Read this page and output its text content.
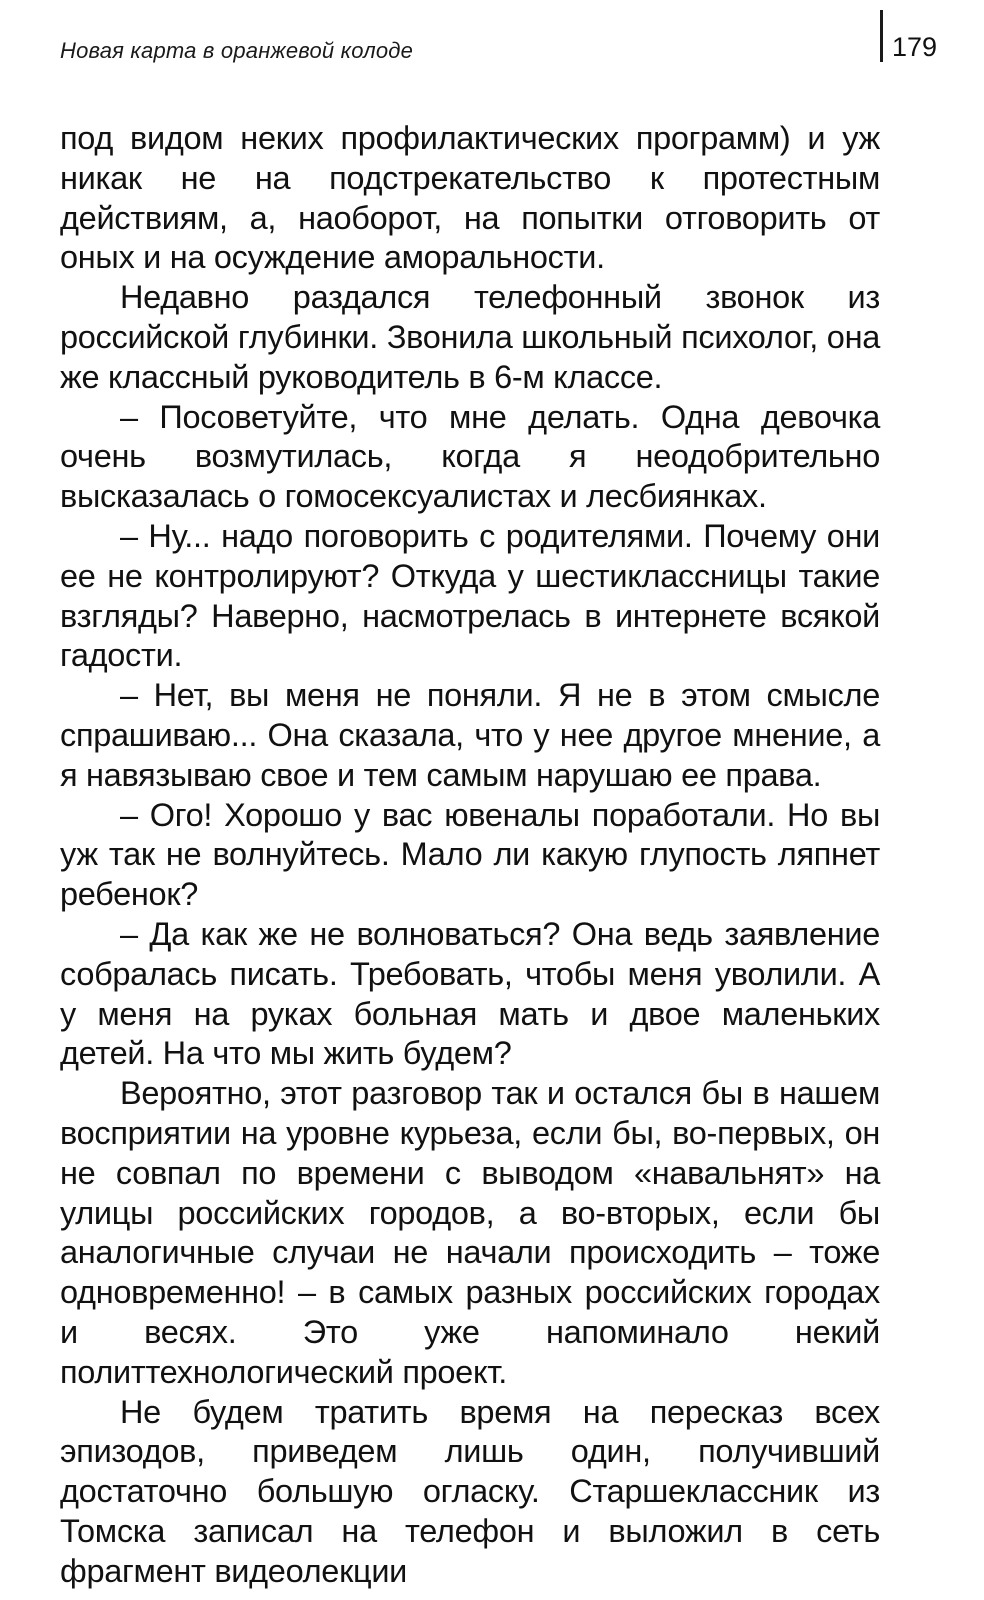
Новая карта в оранжевой колоде	179

под видом неких профилактических программ) и уж никак не на подстрекательство к протестным действиям, а, наоборот, на попытки отговорить от оных и на осуждение аморальности.

Недавно раздался телефонный звонок из российской глубинки. Звонила школьный психолог, она же классный руководитель в 6-м классе.

– Посоветуйте, что мне делать. Одна девочка очень возмутилась, когда я неодобрительно высказалась о гомосексуалистах и лесбиянках.

– Ну... надо поговорить с родителями. Почему они ее не контролируют? Откуда у шестиклассницы такие взгляды? Наверно, насмотрелась в интернете всякой гадости.

– Нет, вы меня не поняли. Я не в этом смысле спрашиваю... Она сказала, что у нее другое мнение, а я навязываю свое и тем самым нарушаю ее права.

– Ого! Хорошо у вас ювеналы поработали. Но вы уж так не волнуйтесь. Мало ли какую глупость ляпнет ребенок?

– Да как же не волноваться? Она ведь заявление собралась писать. Требовать, чтобы меня уволили. А у меня на руках больная мать и двое маленьких детей. На что мы жить будем?

Вероятно, этот разговор так и остался бы в нашем восприятии на уровне курьеза, если бы, во-первых, он не совпал по времени с выводом «навальнят» на улицы российских городов, а во-вторых, если бы аналогичные случаи не начали происходить – тоже одновременно! – в самых разных российских городах и весях. Это уже напоминало некий политтехнологический проект.

Не будем тратить время на пересказ всех эпизодов, приведем лишь один, получивший достаточно большую огласку. Старшеклассник из Томска записал на телефон и выложил в сеть фрагмент видеолекции
